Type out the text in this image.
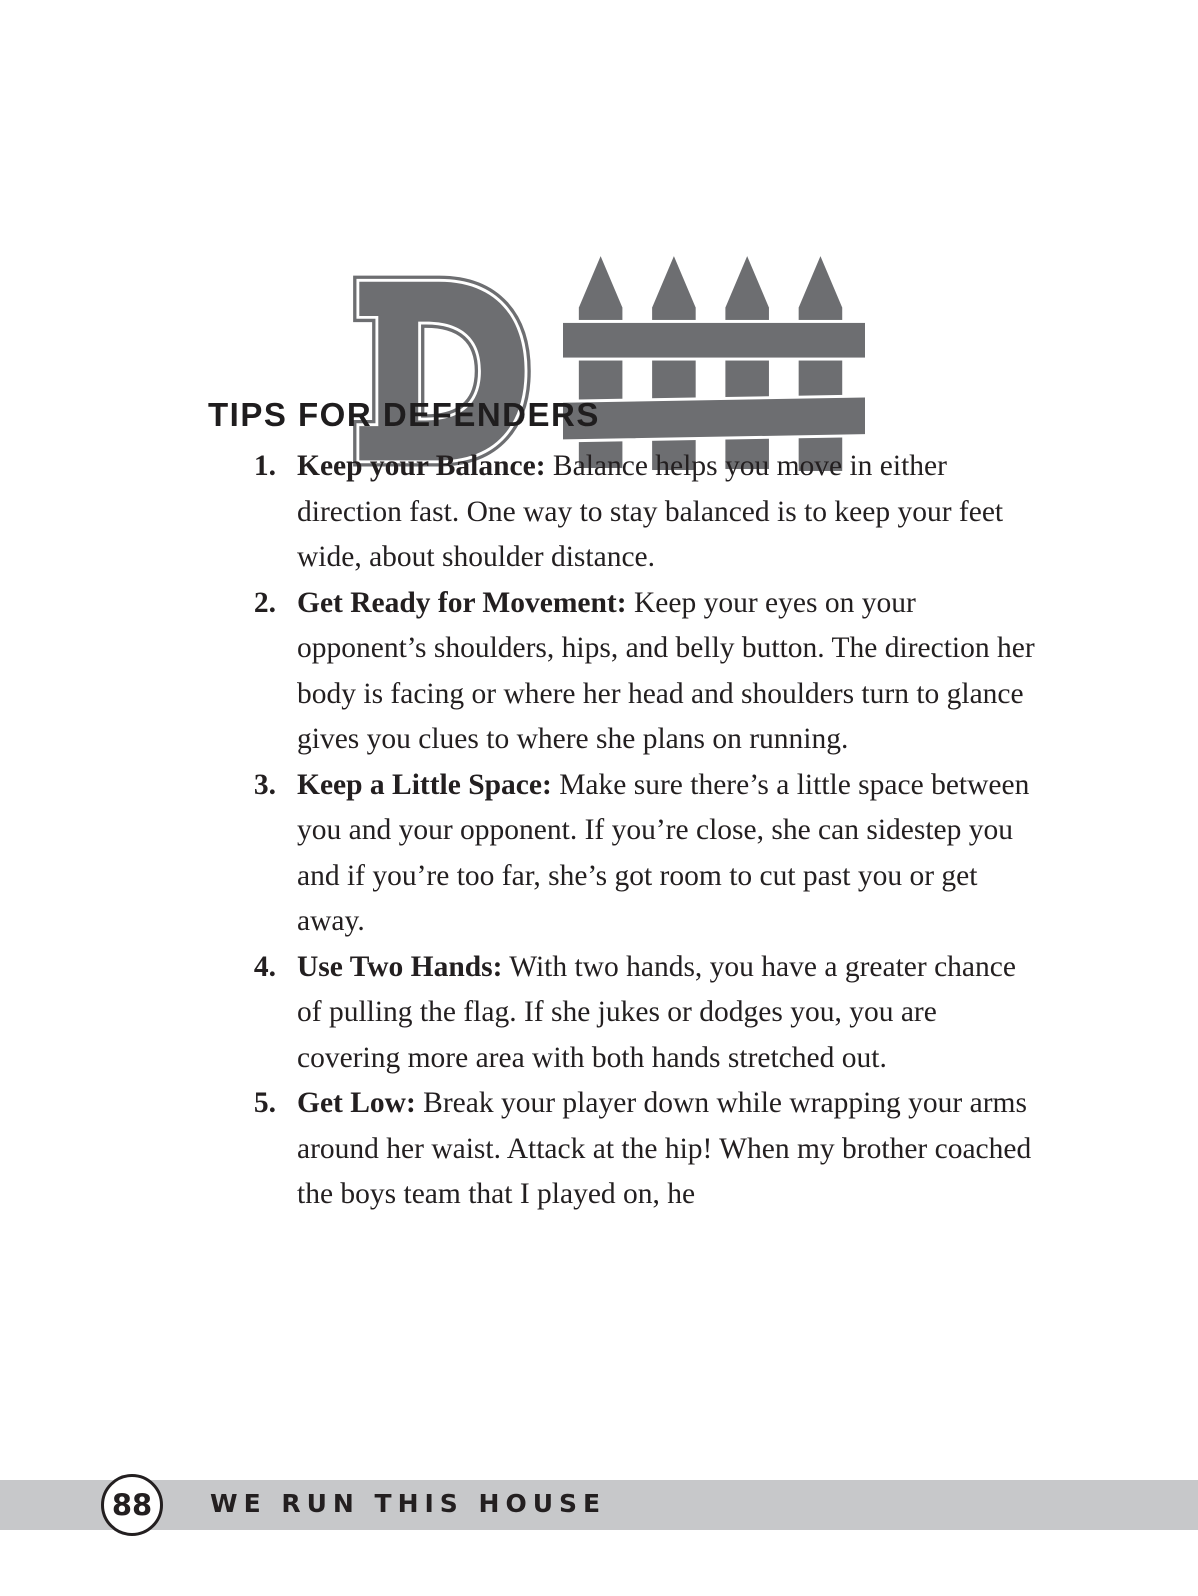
TIPS FOR DEFENDERS
1. Keep your Balance: Balance helps you move in either direction fast. One way to stay balanced is to keep your feet wide, about shoulder distance.
2. Get Ready for Movement: Keep your eyes on your opponent’s shoulders, hips, and belly button. The direction her body is facing or where her head and shoulders turn to glance gives you clues to where she plans on running.
3. Keep a Little Space: Make sure there’s a little space between you and your opponent. If you’re close, she can sidestep you and if you’re too far, she’s got room to cut past you or get away.
4. Use Two Hands: With two hands, you have a greater chance of pulling the flag. If she jukes or dodges you, you are covering more area with both hands stretched out.
5. Get Low: Break your player down while wrapping your arms around her waist. Attack at the hip! When my brother coached the boys team that I played on, he
88	WE RUN THIS HOUSE
